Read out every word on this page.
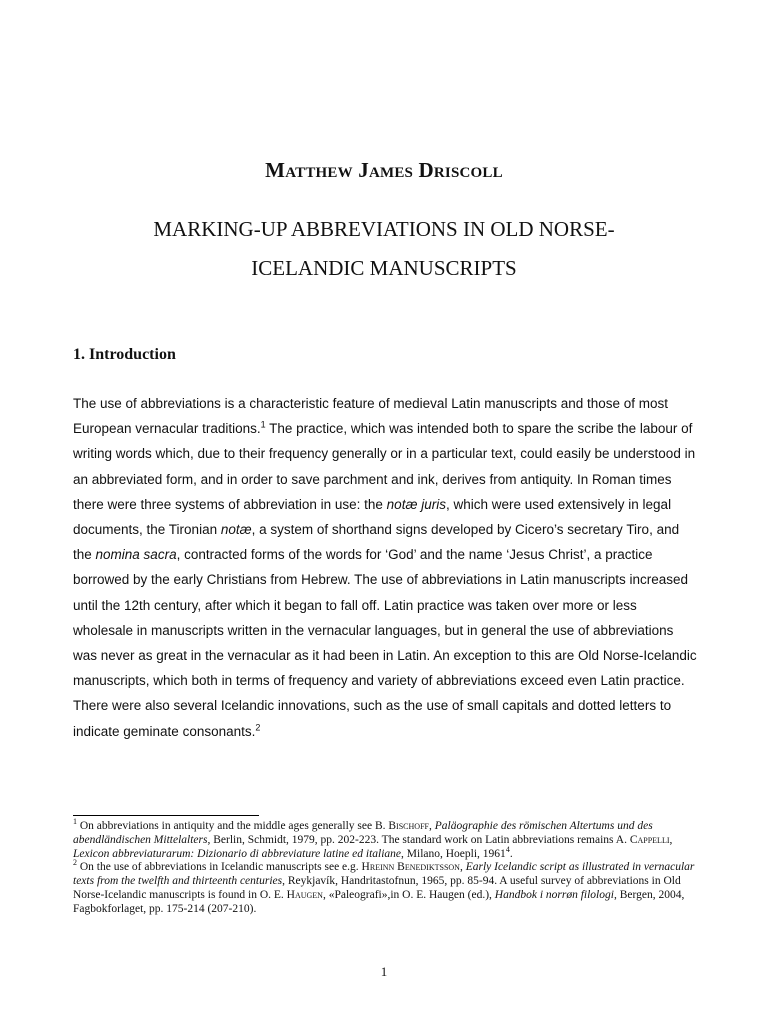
Matthew James Driscoll
MARKING-UP ABBREVIATIONS IN OLD NORSE-
ICELANDIC MANUSCRIPTS
1. Introduction

The use of abbreviations is a characteristic feature of medieval Latin manuscripts and those of most European vernacular traditions.$^1$ The practice, which was intended both to spare the scribe the labour of writing words which, due to their frequency generally or in a particular text, could easily be understood in an abbreviated form, and in order to save parchment and ink, derives from antiquity. In Roman times there were three systems of abbreviation in use: the notæ juris, which were used extensively in legal documents, the Tironian notæ, a system of shorthand signs developed by Cicero’s secretary Tiro, and the nomina sacra, contracted forms of the words for ‘God’ and the name ‘Jesus Christ’, a practice borrowed by the early Christians from Hebrew. The use of abbreviations in Latin manuscripts increased until the 12th century, after which it began to fall off. Latin practice was taken over more or less wholesale in manuscripts written in the vernacular languages, but in general the use of abbreviations was never as great in the vernacular as it had been in Latin. An exception to this are Old Norse-Icelandic manuscripts, which both in terms of frequency and variety of abbreviations exceed even Latin practice. There were also several Icelandic innovations, such as the use of small capitals and dotted letters to indicate geminate consonants.$^2$

$^1$ On abbreviations in antiquity and the middle ages generally see B. Bischoff, Paläographie des römischen Altertums und des abendländischen Mittelalters, Berlin, Schmidt, 1979, pp. 202-223. The standard work on Latin abbreviations remains A. Cappelli, Lexicon abbreviaturarum: Dizionario di abbreviature latine ed italiane, Milano, Hoepli, 1961$^4$.

$^2$ On the use of abbreviations in Icelandic manuscripts see e.g. Hreinn Benediktsson, Early Icelandic script as illustrated in vernacular texts from the twelfth and thirteenth centuries, Reykjavík, Handritastofnun, 1965, pp. 85-94. A useful survey of abbreviations in Old Norse-Icelandic manuscripts is found in O. E. Haugen, «Paleografi»,in O. E. Haugen (ed.), Handbok i norrøn filologi, Bergen, 2004, Fagbokforlaget, pp. 175-214 (207-210).

1
